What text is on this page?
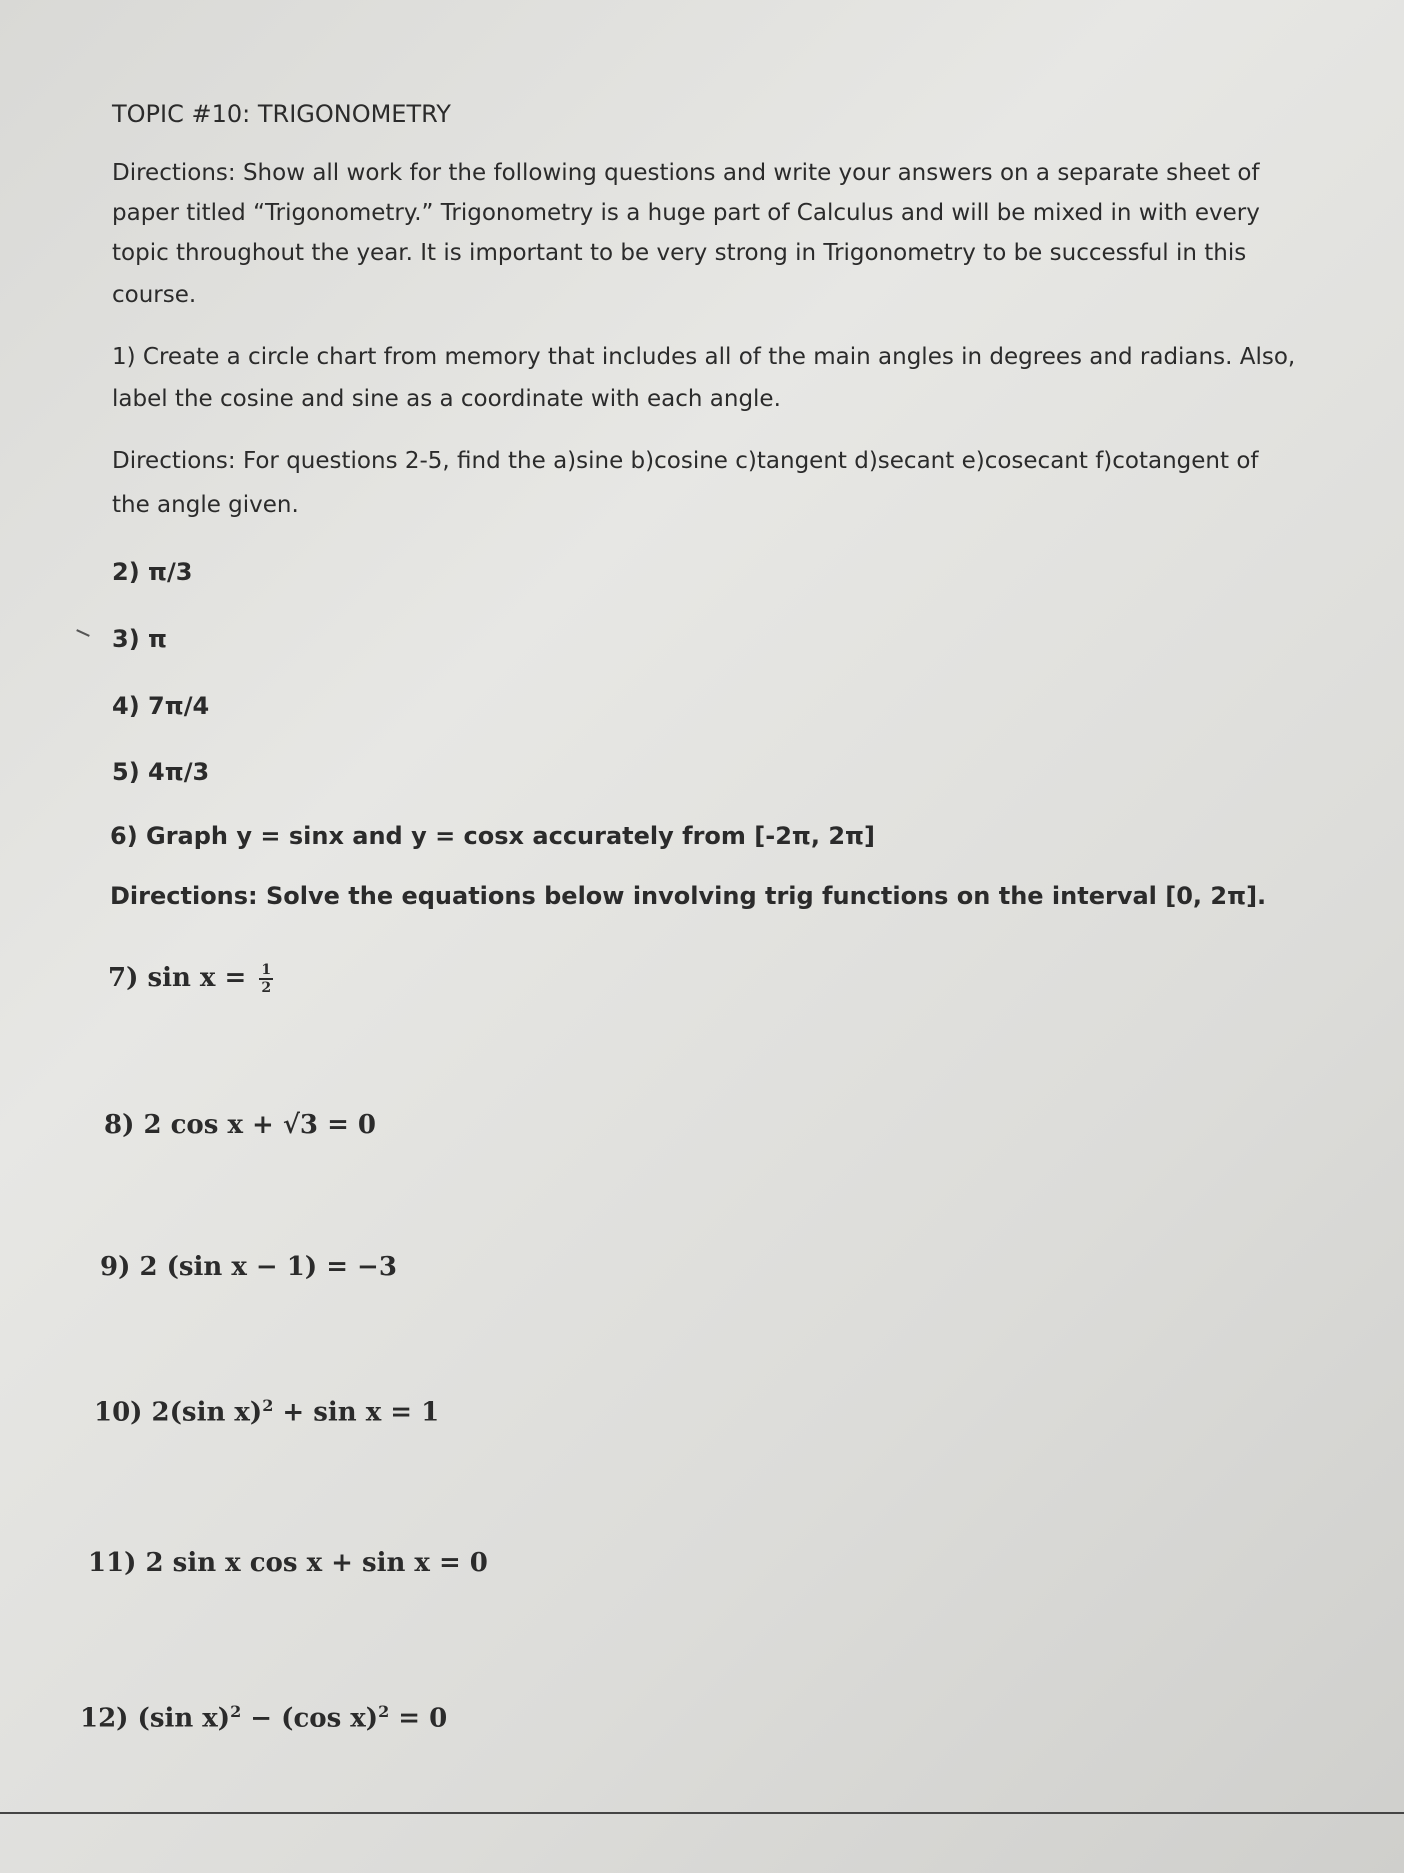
TOPIC #10: TRIGONOMETRY
Directions: Show all work for the following questions and write your answers on a separate sheet of
paper titled “Trigonometry.” Trigonometry is a huge part of Calculus and will be mixed in with every
topic throughout the year. It is important to be very strong in Trigonometry to be successful in this
course.
1) Create a circle chart from memory that includes all of the main angles in degrees and radians. Also,
label the cosine and sine as a coordinate with each angle.
Directions: For questions 2-5, find the a)sine b)cosine c)tangent d)secant e)cosecant f)cotangent of
the angle given.
2) π/3
3) π
4) 7π/4
5) 4π/3
6) Graph y = sinx and y = cosx accurately from [-2π, 2π]
Directions: Solve the equations below involving trig functions on the interval [0, 2π].
7) $\sin x = \frac{1}{2}$
8) 2 cos x + √3 = 0
9) 2 (sin x − 1) = −3
10) 2(sin x)$^2$ + sin x = 1
11) 2 sin x cos x + sin x = 0
12) (sin x)$^2$ − (cos x)$^2$ = 0
